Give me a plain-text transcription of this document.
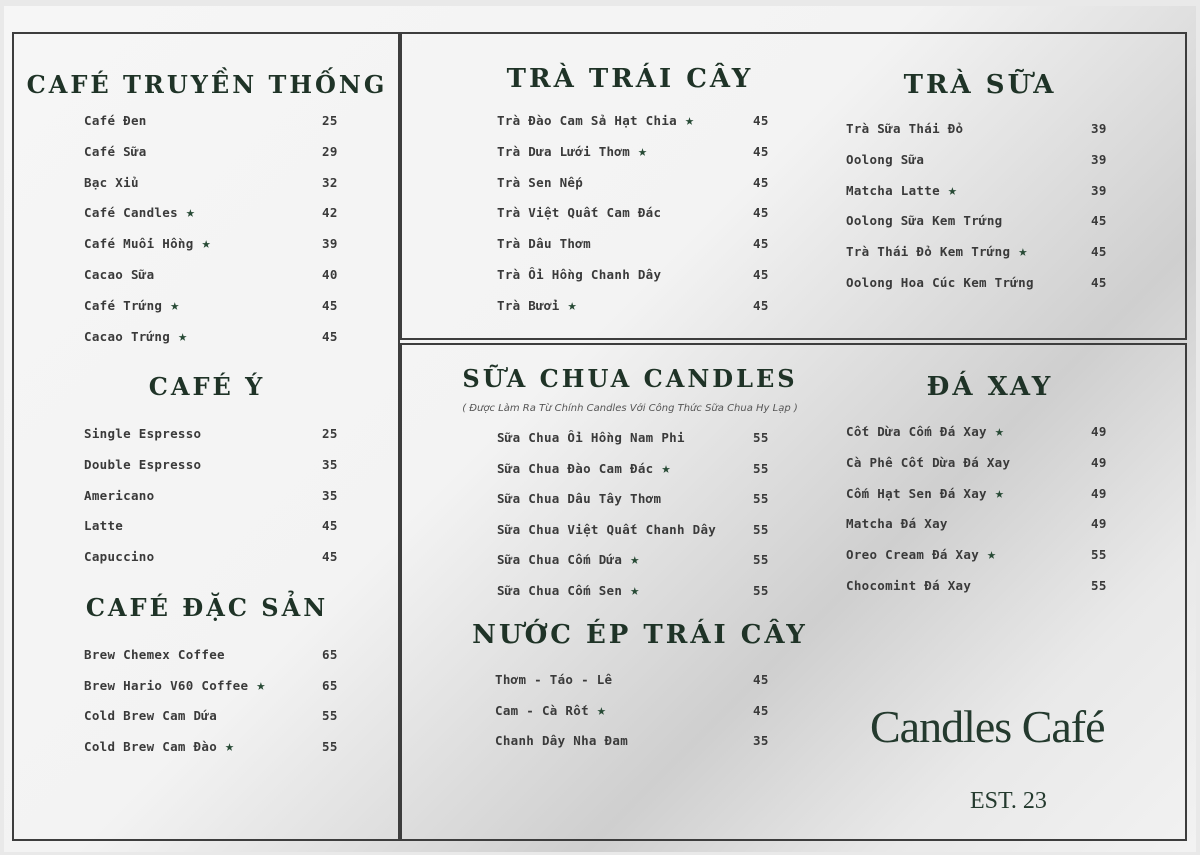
CAFÉ TRUYỀN THỐNG
CAFÉ Ý
CAFÉ ĐẶC SẢN
TRÀ TRÁI CÂY	TRÀ SỮA
SỮA CHUA CANDLES
( Được Làm Ra Từ Chính Candles Với Công Thức Sữa Chua Hy Lạp )
NƯỚC ÉP TRÁI CÂY
ĐÁ XAY
Candles Café
EST. 23
Café Đen	25
Café Sữa	29
Bạc Xỉu	32
Café Candles ★	42
Café Muối Hồng ★	39
Cacao Sữa	40
Café Trứng ★	45
Cacao Trứng ★	45
Single Espresso	25
Double Espresso	35
Americano	35
Latte	45
Capuccino	45
Brew Chemex Coffee	65
Brew Hario V60 Coffee ★	65
Cold Brew Cam Dứa	55
Cold Brew Cam Đào ★	55
Trà Đào Cam Sả Hạt Chia ★	45
Trà Dưa Lưới Thơm ★	45
Trà Sen Nếp	45
Trà Việt Quất Cam Đác	45
Trà Dâu Thơm	45
Trà Ổi Hồng Chanh Dây	45
Trà Bưởi ★	45
Trà Sữa Thái Đỏ	39
Oolong Sữa	39
Matcha Latte ★	39
Oolong Sữa Kem Trứng	45
Trà Thái Đỏ Kem Trứng ★	45
Oolong Hoa Cúc Kem Trứng	45
Sữa Chua Ổi Hồng Nam Phi	55
Sữa Chua Đào Cam Đác ★	55
Sữa Chua Dâu Tây Thơm	55
Sữa Chua Việt Quất Chanh Dây	55
Sữa Chua Cốm Dứa ★	55
Sữa Chua Cốm Sen ★	55
Thơm - Táo - Lê	45
Cam - Cà Rốt ★	45
Chanh Dây Nha Đam	35
Cốt Dừa Cốm Đá Xay ★	49
Cà Phê Cốt Dừa Đá Xay	49
Cốm Hạt Sen Đá Xay ★	49
Matcha Đá Xay	49
Oreo Cream Đá Xay ★	55
Chocomint Đá Xay	55
